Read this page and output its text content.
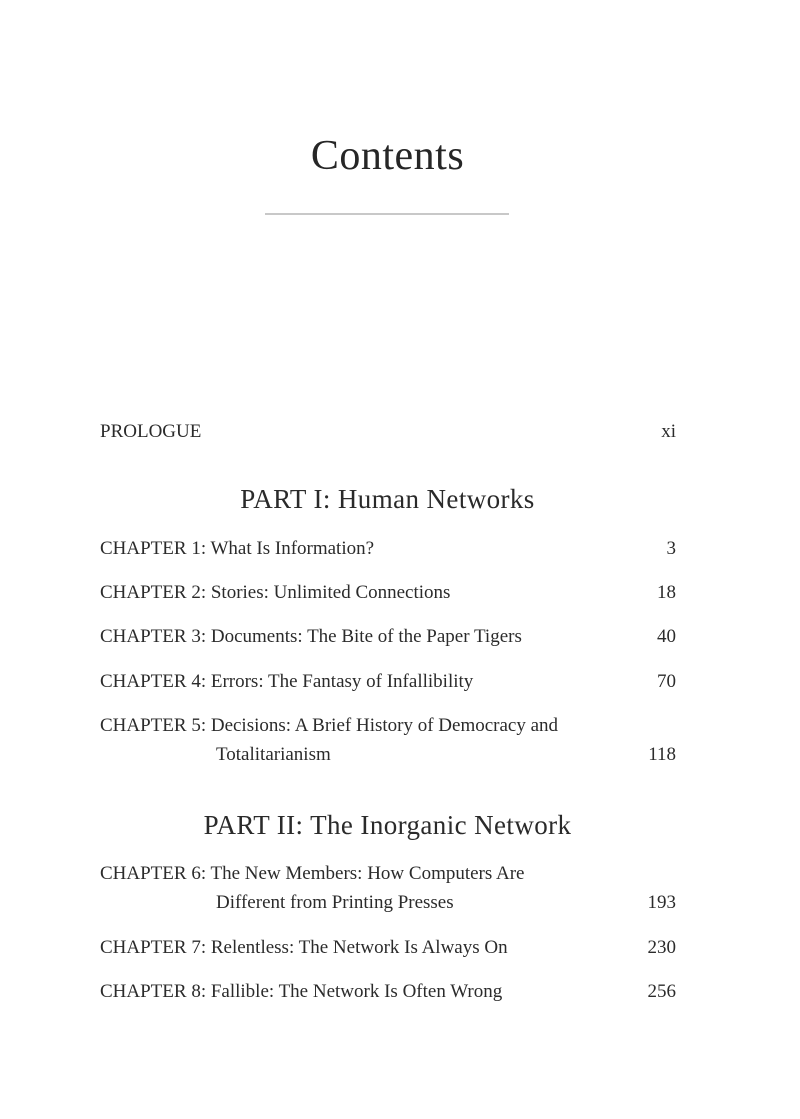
Contents
PROLOGUE	xi
PART I: Human Networks
CHAPTER 1: What Is Information?	3
CHAPTER 2: Stories: Unlimited Connections	18
CHAPTER 3: Documents: The Bite of the Paper Tigers	40
CHAPTER 4: Errors: The Fantasy of Infallibility	70
CHAPTER 5: Decisions: A Brief History of Democracy and
Totalitarianism	118
PART II: The Inorganic Network
CHAPTER 6: The New Members: How Computers Are
Different from Printing Presses	193
CHAPTER 7: Relentless: The Network Is Always On	230
CHAPTER 8: Fallible: The Network Is Often Wrong	256
